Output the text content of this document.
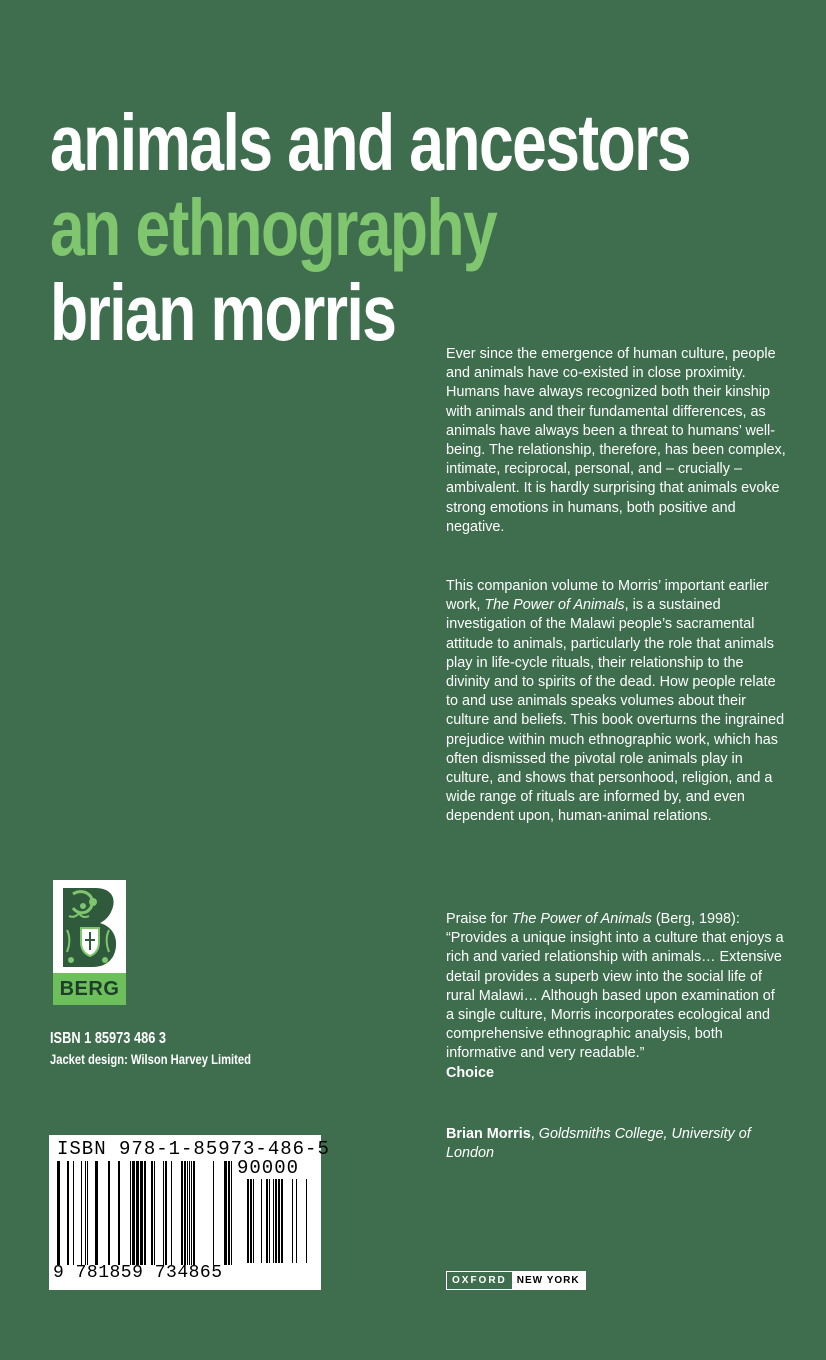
animals and ancestors
an ethnography
brian morris	Ever since the emergence of human culture, people and animals have co-existed in close proximity. Humans have always recognized both their kinship with animals and their fundamental differences, as animals have always been a threat to humans’ well-being. The relationship, therefore, has been complex, intimate, reciprocal, personal, and – crucially – ambivalent. It is hardly surprising that animals evoke strong emotions in humans, both positive and negative.

This companion volume to Morris’ important earlier work, The Power of Animals, is a sustained investigation of the Malawi people’s sacramental attitude to animals, particularly the role that animals play in life-cycle rituals, their relationship to the divinity and to spirits of the dead. How people relate to and use animals speaks volumes about their culture and beliefs. This book overturns the ingrained prejudice within much ethnographic work, which has often dismissed the pivotal role animals play in culture, and shows that personhood, religion, and a wide range of rituals are informed by, and even dependent upon, human-animal relations.

Praise for The Power of Animals (Berg, 1998):
“Provides a unique insight into a culture that enjoys a rich and varied relationship with animals… Extensive detail provides a superb view into the social life of rural Malawi… Although based upon examination of a single culture, Morris incorporates ecological and comprehensive ethnographic analysis, both informative and very readable.”
Choice

Brian Morris, Goldsmiths College, University of London

BERG
ISBN 1 85973 486 3
Jacket design: Wilson Harvey Limited
ISBN 978-1-85973-486-5
90000
9 781859 734865	OXFORD	NEW YORK
